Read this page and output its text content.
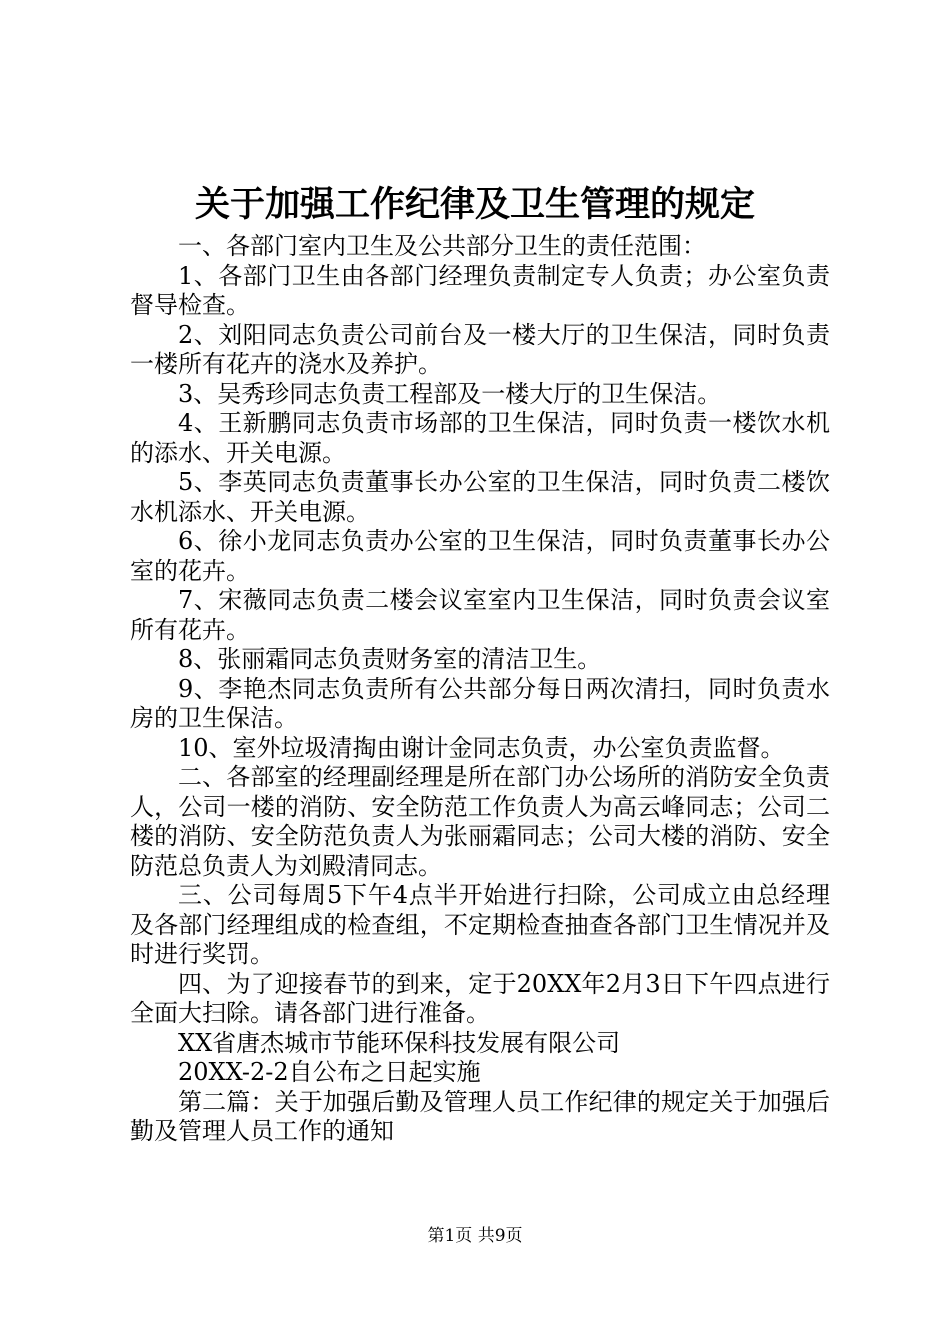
关于加强工作纪律及卫生管理的规定

一、各部门室内卫生及公共部分卫生的责任范围：

1、各部门卫生由各部门经理负责制定专人负责；办公室负责督导检查。

2、刘阳同志负责公司前台及一楼大厅的卫生保洁，同时负责一楼所有花卉的浇水及养护。

3、吴秀珍同志负责工程部及一楼大厅的卫生保洁。

4、王新鹏同志负责市场部的卫生保洁，同时负责一楼饮水机的添水、开关电源。

5、李英同志负责董事长办公室的卫生保洁，同时负责二楼饮水机添水、开关电源。

6、徐小龙同志负责办公室的卫生保洁，同时负责董事长办公室的花卉。

7、宋薇同志负责二楼会议室室内卫生保洁，同时负责会议室所有花卉。

8、张丽霜同志负责财务室的清洁卫生。

9、李艳杰同志负责所有公共部分每日两次清扫，同时负责水房的卫生保洁。

10、室外垃圾清掏由谢计金同志负责，办公室负责监督。

二、各部室的经理副经理是所在部门办公场所的消防安全负责人，公司一楼的消防、安全防范工作负责人为高云峰同志；公司二楼的消防、安全防范负责人为张丽霜同志；公司大楼的消防、安全防范总负责人为刘殿清同志。

三、公司每周5下午4点半开始进行扫除，公司成立由总经理及各部门经理组成的检查组，不定期检查抽查各部门卫生情况并及时进行奖罚。

四、为了迎接春节的到来，定于20XX年2月3日下午四点进行全面大扫除。请各部门进行准备。

XX省唐杰城市节能环保科技发展有限公司

20XX-2-2自公布之日起实施

第二篇：关于加强后勤及管理人员工作纪律的规定关于加强后勤及管理人员工作的通知

第1页 共9页
